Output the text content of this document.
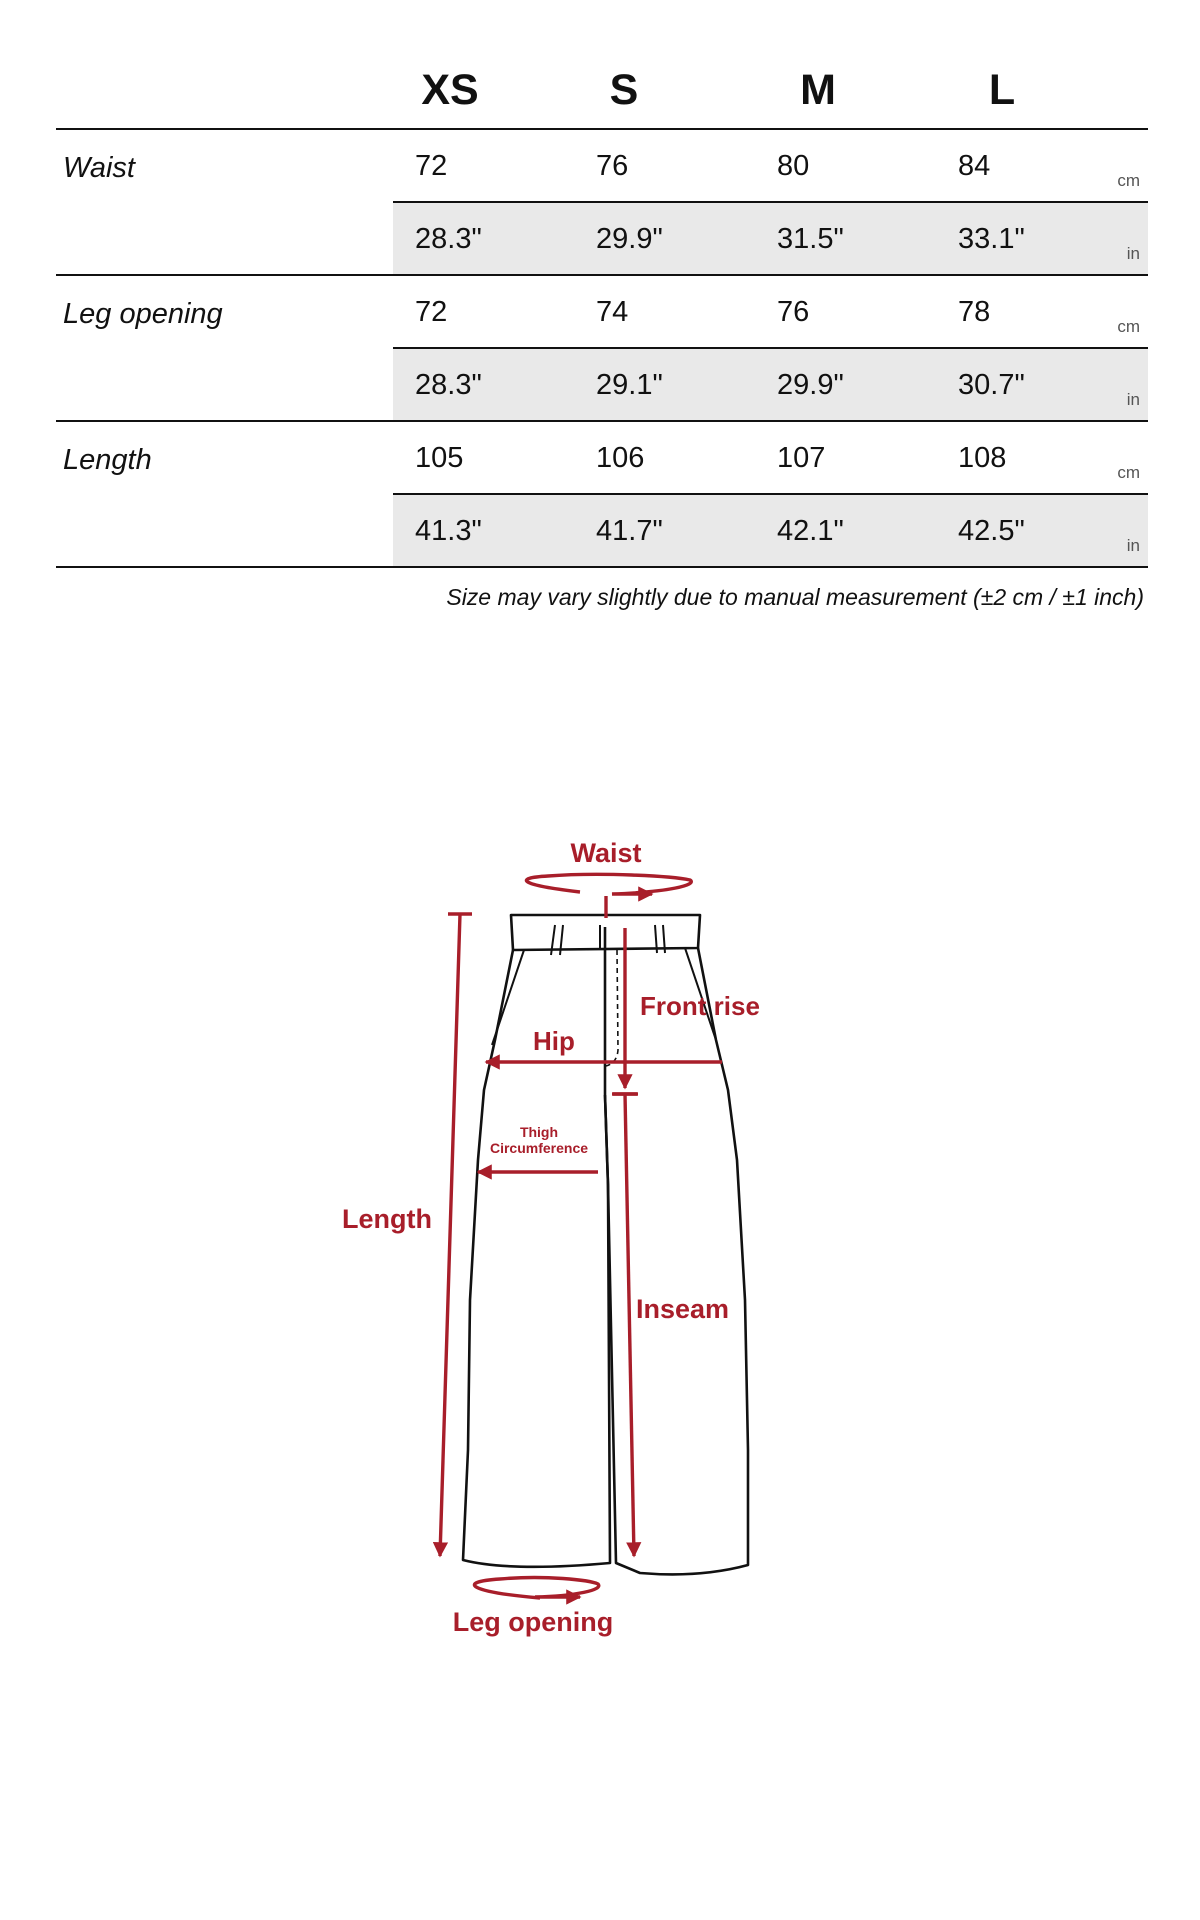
XS	S	M	L
Waist	72	76	80	84	cm
28.3"	29.9"	31.5"	33.1"	in
Leg opening	72	74	76	78	cm
28.3"	29.1"	29.9"	30.7"	in
Length	105	106	107	108	cm
41.3"	41.7"	42.1"	42.5"	in
Size may vary slightly due to manual measurement (±2 cm / ±1 inch)
Waist
Front rise
Hip
Thigh
Circumference
Length
Inseam
Leg opening
